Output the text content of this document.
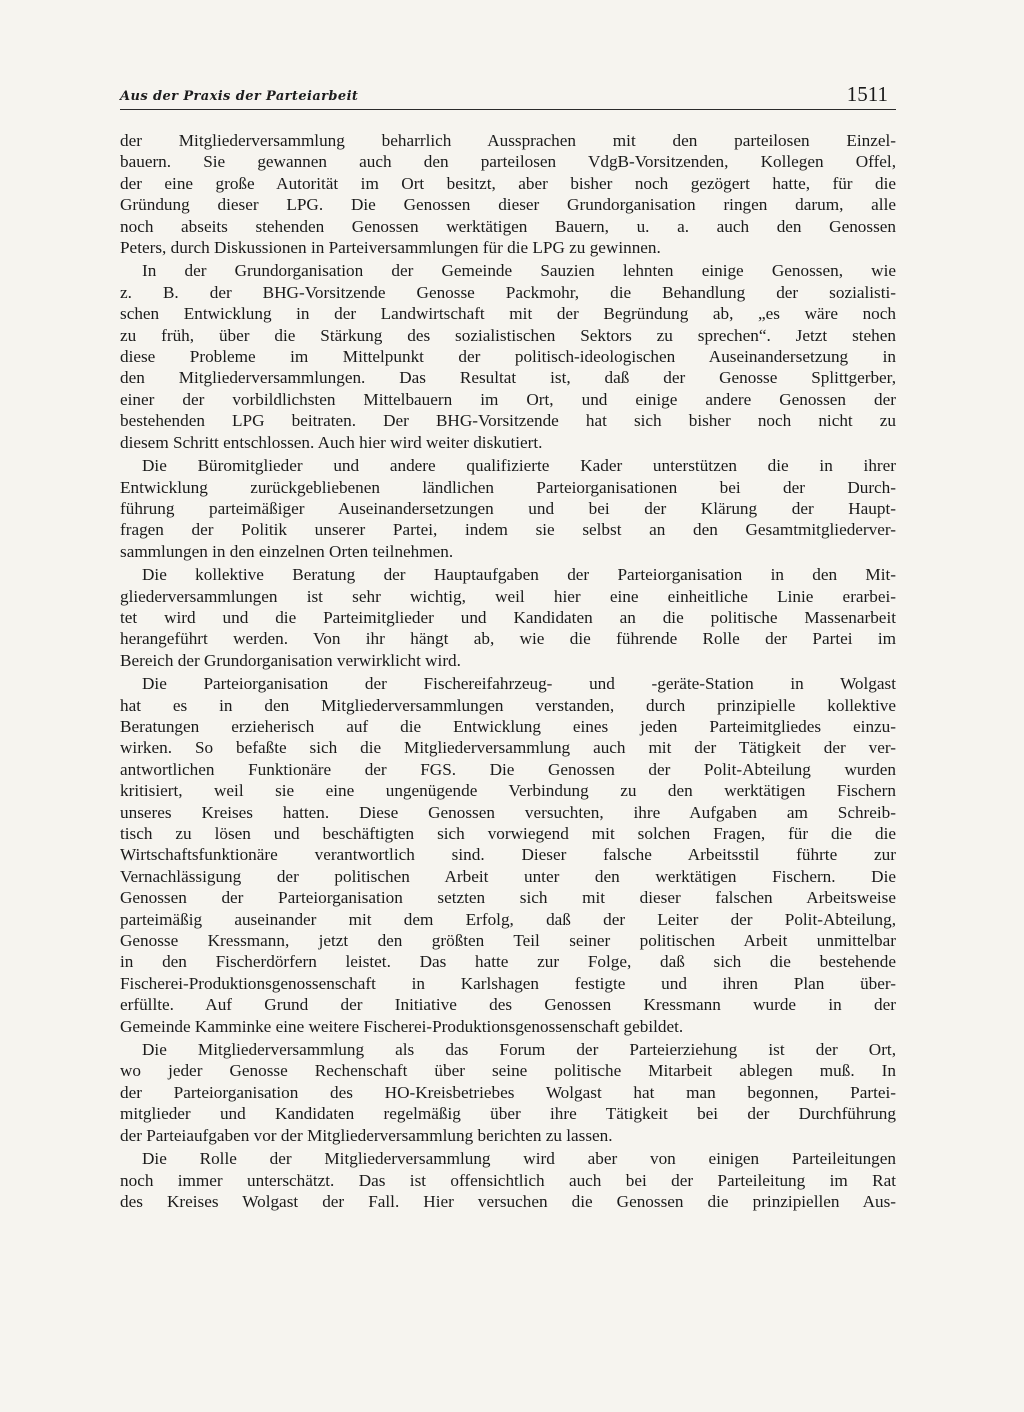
Aus der Praxis der Parteiarbeit	1511

der Mitgliederversammlung beharrlich Aussprachen mit den parteilosen Einzel-
bauern. Sie gewannen auch den parteilosen VdgB-Vorsitzenden, Kollegen Offel,
der eine große Autorität im Ort besitzt, aber bisher noch gezögert hatte, für die
Gründung dieser LPG. Die Genossen dieser Grundorganisation ringen darum, alle
noch abseits stehenden Genossen werktätigen Bauern, u. a. auch den Genossen
Peters, durch Diskussionen in Parteiversammlungen für die LPG zu gewinnen.

In der Grundorganisation der Gemeinde Sauzien lehnten einige Genossen, wie
z. B. der BHG-Vorsitzende Genosse Packmohr, die Behandlung der sozialisti-
schen Entwicklung in der Landwirtschaft mit der Begründung ab, „es wäre noch
zu früh, über die Stärkung des sozialistischen Sektors zu sprechen“. Jetzt stehen
diese Probleme im Mittelpunkt der politisch-ideologischen Auseinandersetzung in
den Mitgliederversammlungen. Das Resultat ist, daß der Genosse Splittgerber,
einer der vorbildlichsten Mittelbauern im Ort, und einige andere Genossen der
bestehenden LPG beitraten. Der BHG-Vorsitzende hat sich bisher noch nicht zu
diesem Schritt entschlossen. Auch hier wird weiter diskutiert.

Die Büromitglieder und andere qualifizierte Kader unterstützen die in ihrer
Entwicklung zurückgebliebenen ländlichen Parteiorganisationen bei der Durch-
führung parteimäßiger Auseinandersetzungen und bei der Klärung der Haupt-
fragen der Politik unserer Partei, indem sie selbst an den Gesamtmitgliederver-
sammlungen in den einzelnen Orten teilnehmen.

Die kollektive Beratung der Hauptaufgaben der Parteiorganisation in den Mit-
gliederversammlungen ist sehr wichtig, weil hier eine einheitliche Linie erarbei-
tet wird und die Parteimitglieder und Kandidaten an die politische Massenarbeit
herangeführt werden. Von ihr hängt ab, wie die führende Rolle der Partei im
Bereich der Grundorganisation verwirklicht wird.

Die Parteiorganisation der Fischereifahrzeug- und -geräte-Station in Wolgast
hat es in den Mitgliederversammlungen verstanden, durch prinzipielle kollektive
Beratungen erzieherisch auf die Entwicklung eines jeden Parteimitgliedes einzu-
wirken. So befaßte sich die Mitgliederversammlung auch mit der Tätigkeit der ver-
antwortlichen Funktionäre der FGS. Die Genossen der Polit-Abteilung wurden
kritisiert, weil sie eine ungenügende Verbindung zu den werktätigen Fischern
unseres Kreises hatten. Diese Genossen versuchten, ihre Aufgaben am Schreib-
tisch zu lösen und beschäftigten sich vorwiegend mit solchen Fragen, für die die
Wirtschaftsfunktionäre verantwortlich sind. Dieser falsche Arbeitsstil führte zur
Vernachlässigung der politischen Arbeit unter den werktätigen Fischern. Die
Genossen der Parteiorganisation setzten sich mit dieser falschen Arbeitsweise
parteimäßig auseinander mit dem Erfolg, daß der Leiter der Polit-Abteilung,
Genosse Kressmann, jetzt den größten Teil seiner politischen Arbeit unmittelbar
in den Fischerdörfern leistet. Das hatte zur Folge, daß sich die bestehende
Fischerei-Produktionsgenossenschaft in Karlshagen festigte und ihren Plan über-
erfüllte. Auf Grund der Initiative des Genossen Kressmann wurde in der
Gemeinde Kamminke eine weitere Fischerei-Produktionsgenossenschaft gebildet.

Die Mitgliederversammlung als das Forum der Parteierziehung ist der Ort,
wo jeder Genosse Rechenschaft über seine politische Mitarbeit ablegen muß. In
der Parteiorganisation des HO-Kreisbetriebes Wolgast hat man begonnen, Partei-
mitglieder und Kandidaten regelmäßig über ihre Tätigkeit bei der Durchführung
der Parteiaufgaben vor der Mitgliederversammlung berichten zu lassen.

Die Rolle der Mitgliederversammlung wird aber von einigen Parteileitungen
noch immer unterschätzt. Das ist offensichtlich auch bei der Parteileitung im Rat
des Kreises Wolgast der Fall. Hier versuchen die Genossen die prinzipiellen Aus-
